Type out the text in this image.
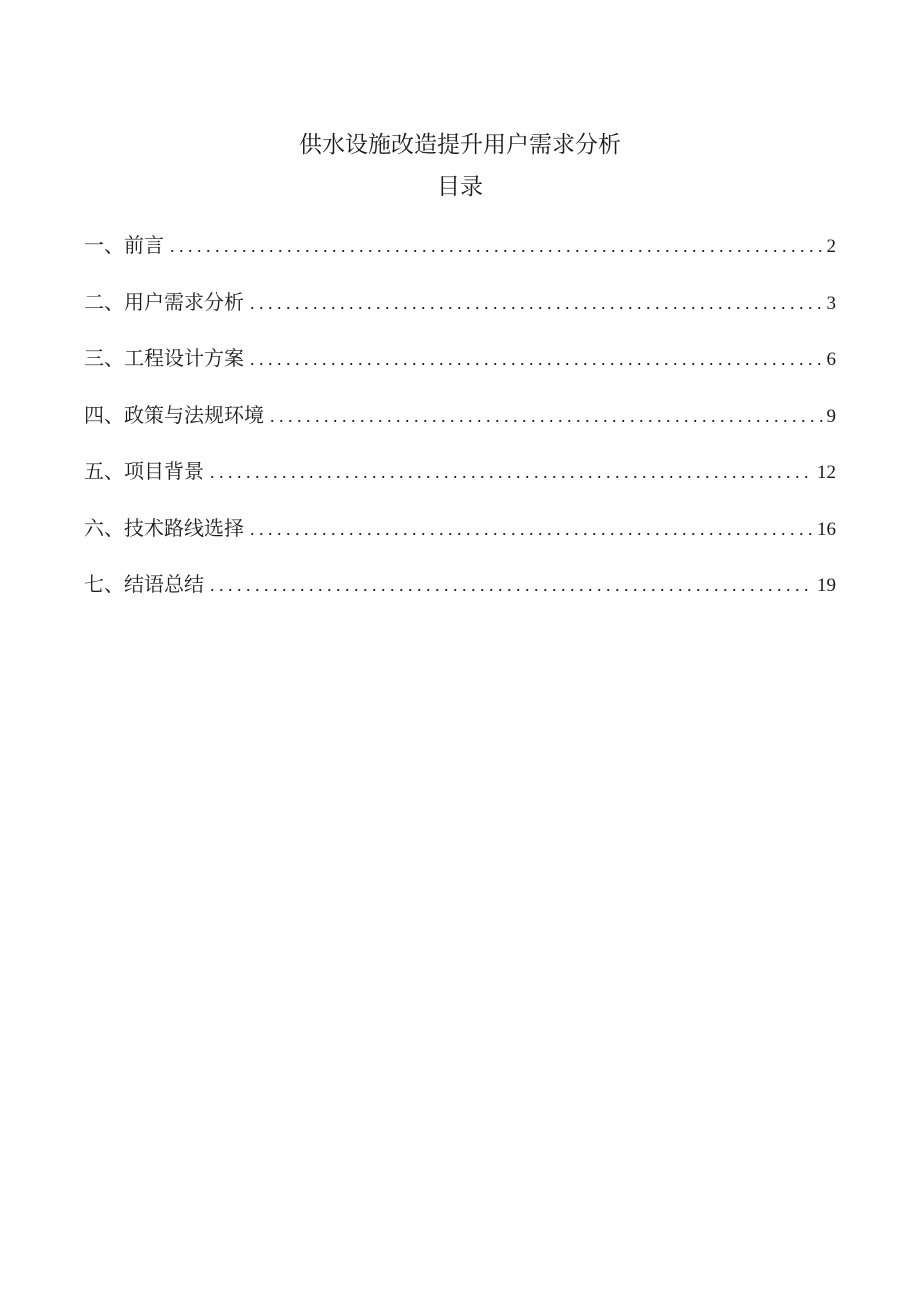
供水设施改造提升用户需求分析
目录
一、前言 . . .	2
二、用户需求分析 . . .	3
三、工程设计方案 . . .	6
四、政策与法规环境 . . .	9
五、项目背景 . . .	12
六、技术路线选择 . . .	16
七、结语总结 . . .	19
